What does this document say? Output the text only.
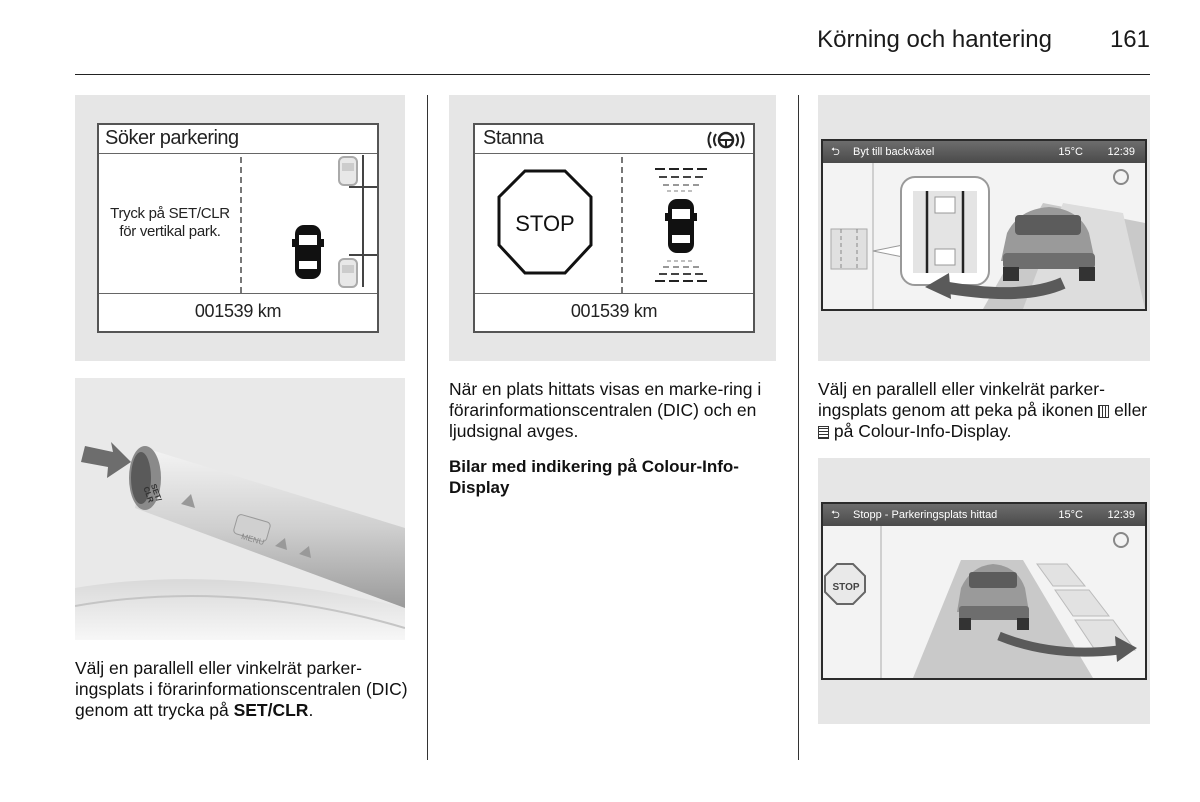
Körning och hantering 161
Söker parkering
Tryck på SET/CLR
för vertikal park.
001539 km
SET/
CLR
MENU
Välj en parallell eller vinkelrät parker-ingsplats i förarinformationscentralen (DIC) genom att trycka på SET/CLR.
Stanna
STOP
001539 km
När en plats hittats visas en marke-ring i förarinformationscentralen (DIC) och en ljudsignal avges.
Bilar med indikering på Colour-Info-Display
⮌ Byt till backväxel	15°C 12:39
Välj en parallell eller vinkelrät parker-ingsplats genom att peka på ikonen  eller  på Colour-Info-Display.
⮌ Stopp - Parkeringsplats hittad	15°C 12:39
STOP
